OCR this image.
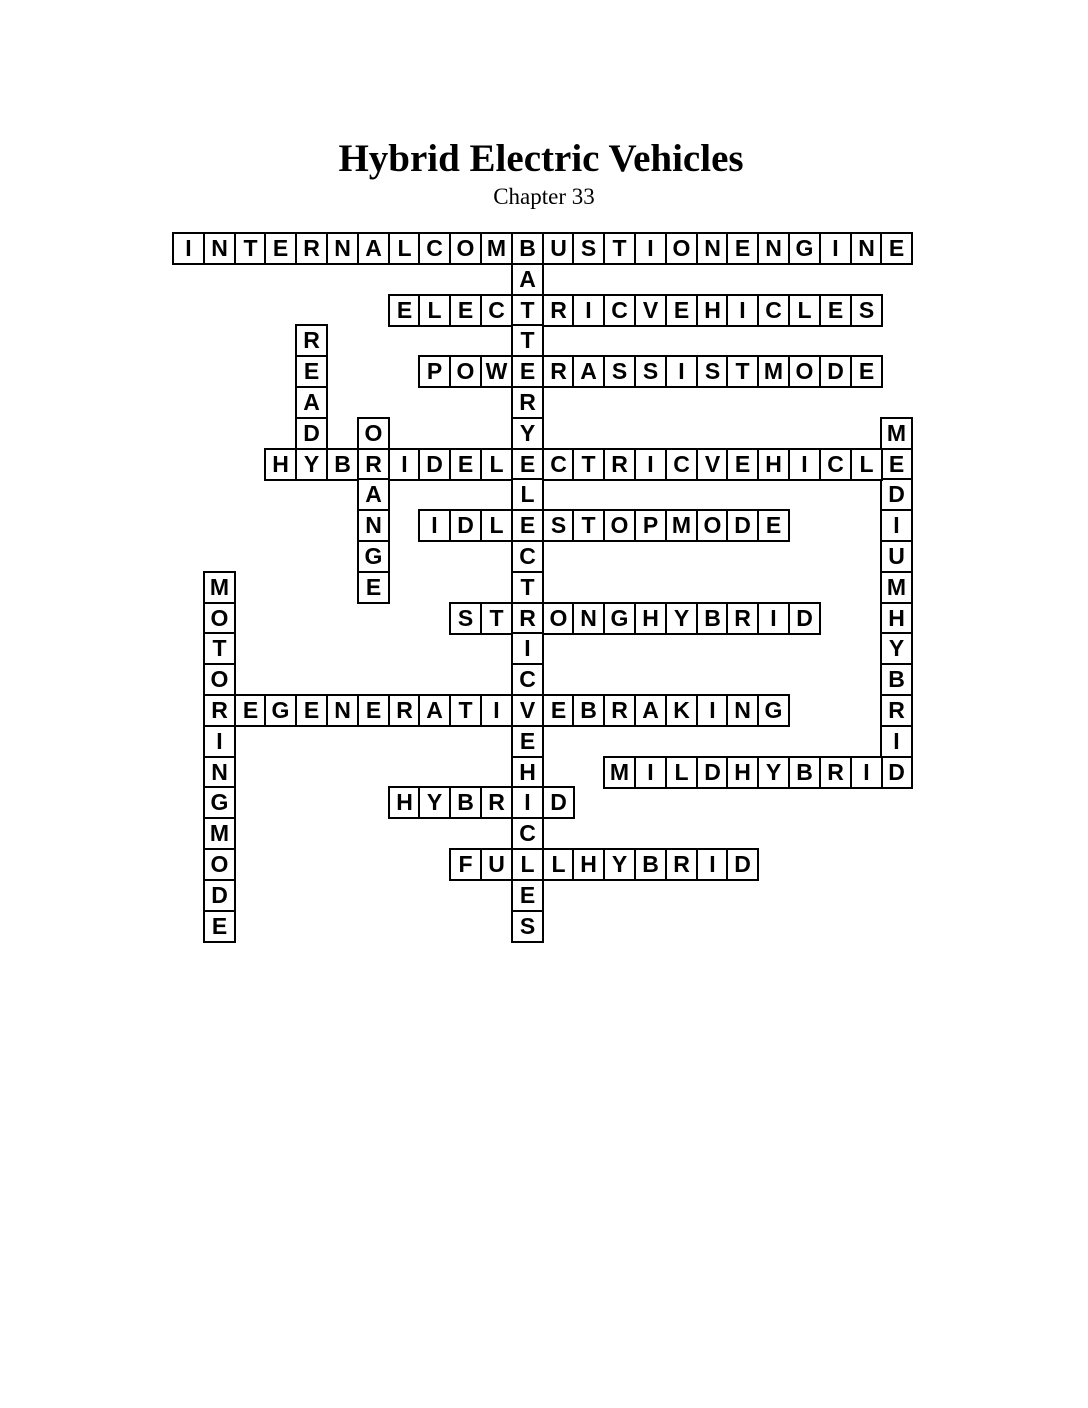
Hybrid Electric Vehicles
Chapter 33
I N T E R N A L C O M B U S T I O N E N G I N E
A
T
T
E
R
Y
E
L
E
C
T
R
I
C
V
E
H
I
C
L
E
S
E L E C	R I C V E H I C L E S
R
E
A
D
Y
P O W	R A S S I S T M O D E
O
R
A
N
G
E
M
E
D
I
U
M
H
Y
B
R
I
D
H	B	I D E L	C T R I C V E H I C L
I D L	S T O P M O D E
M
O
T
O
R
I
N
G
M
O
D
E
S T	O N G H Y B R I D
E G E N E R A T I	E B R A K I N G
M I L D H Y B R I
H Y B R	D
F U	L H Y B R I D
